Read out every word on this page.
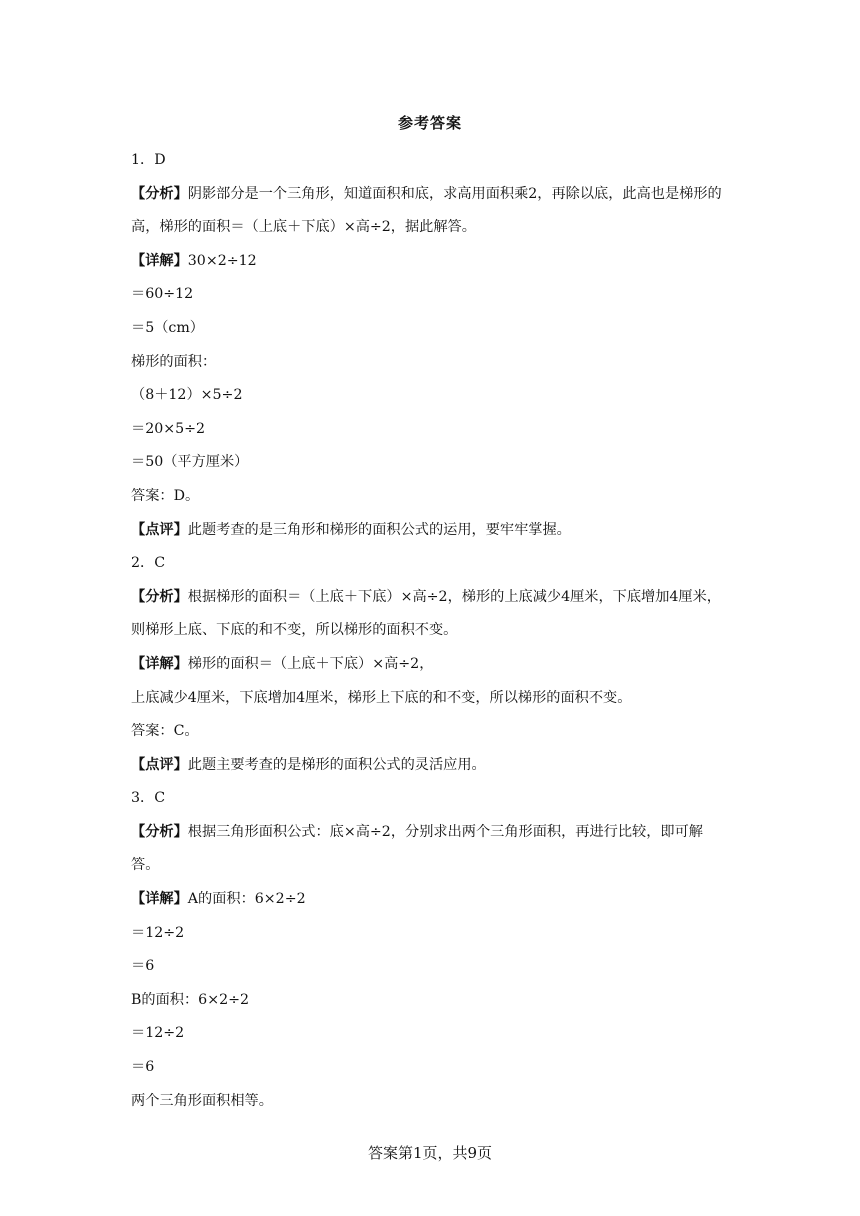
参考答案

1．D

【分析】阴影部分是一个三角形，知道面积和底，求高用面积乘2，再除以底，此高也是梯形的高，梯形的面积＝（上底＋下底）×高÷2，据此解答。

【详解】30×2÷12

＝60÷12

＝5（cm）

梯形的面积：

（8＋12）×5÷2

＝20×5÷2

＝50（平方厘米）

答案：D。

【点评】此题考查的是三角形和梯形的面积公式的运用，要牢牢掌握。

2．C

【分析】根据梯形的面积＝（上底＋下底）×高÷2，梯形的上底减少4厘米，下底增加4厘米，则梯形上底、下底的和不变，所以梯形的面积不变。

【详解】梯形的面积＝（上底＋下底）×高÷2，

上底减少4厘米，下底增加4厘米，梯形上下底的和不变，所以梯形的面积不变。

答案：C。

【点评】此题主要考查的是梯形的面积公式的灵活应用。

3．C

【分析】根据三角形面积公式：底×高÷2，分别求出两个三角形面积，再进行比较，即可解答。

【详解】A的面积：6×2÷2

＝12÷2

＝6

B的面积：6×2÷2

＝12÷2

＝6

两个三角形面积相等。

答案第1页，共9页
